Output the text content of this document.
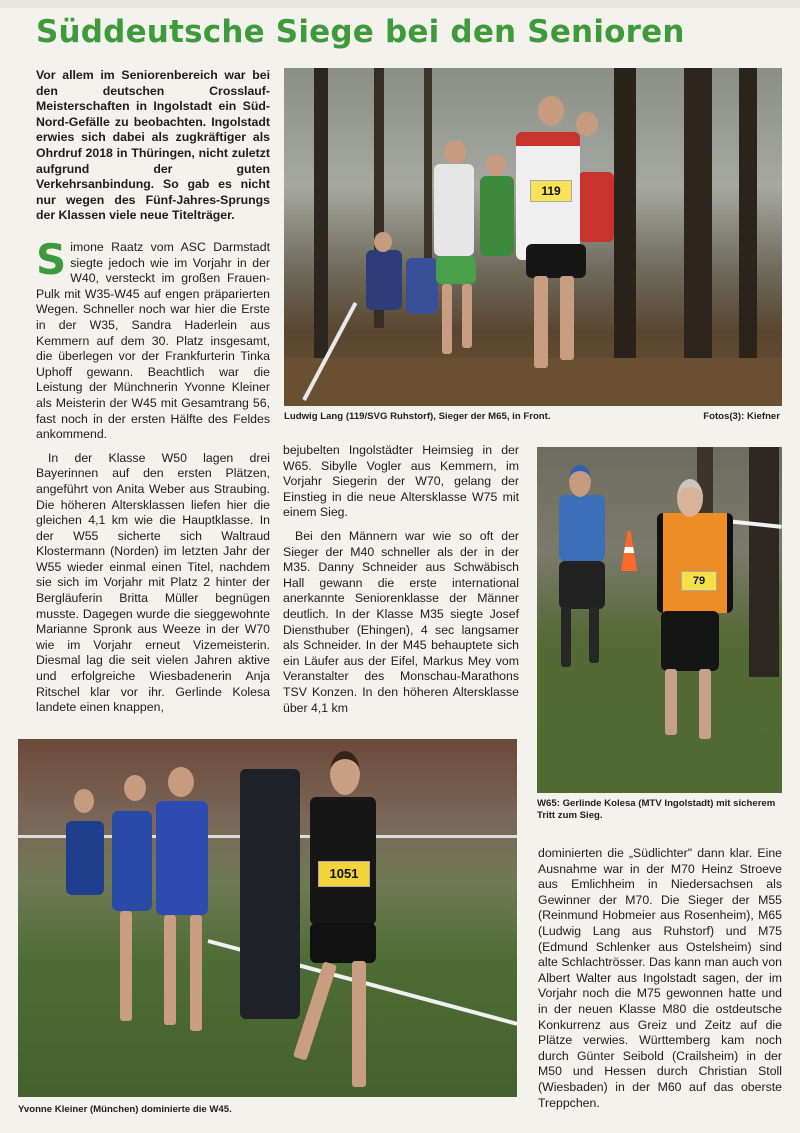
Süddeutsche Siege bei den Senioren

Vor allem im Seniorenbereich war bei den deutschen Crosslauf-Meisterschaften in Ingolstadt ein Süd-Nord-Gefälle zu beobachten. Ingolstadt erwies sich dabei als zugkräftiger als Ohrdruf 2018 in Thüringen, nicht zuletzt aufgrund der guten Verkehrsanbindung. So gab es nicht nur wegen des Fünf-Jahres-Sprungs der Klassen viele neue Titelträger.

Simone Raatz vom ASC Darmstadt siegte jedoch wie im Vorjahr in der W40, versteckt im großen Frauen-Pulk mit W35-W45 auf engen präparierten Wegen. Schneller noch war hier die Erste in der W35, Sandra Haderlein aus Kemmern auf dem 30. Platz insgesamt, die überlegen vor der Frankfurterin Tinka Uphoff gewann. Beachtlich war die Leistung der Münchnerin Yvonne Kleiner als Meisterin der W45 mit Gesamtrang 56, fast noch in der ersten Hälfte des Feldes ankommend.

In der Klasse W50 lagen drei Bayerinnen auf den ersten Plätzen, angeführt von Anita Weber aus Straubing. Die höheren Altersklassen liefen hier die gleichen 4,1 km wie die Hauptklasse. In der W55 sicherte sich Waltraud Klostermann (Norden) im letzten Jahr der W55 wieder einmal einen Titel, nachdem sie sich im Vorjahr mit Platz 2 hinter der Bergläuferin Britta Müller begnügen musste. Dagegen wurde die sieggewohnte Marianne Spronk aus Weeze in der W70 wie im Vorjahr erneut Vizemeisterin. Diesmal lag die seit vielen Jahren aktive und erfolgreiche Wiesbadenerin Anja Ritschel klar vor ihr. Gerlinde Kolesa landete einen knappen,

bejubelten Ingolstädter Heimsieg in der W65. Sibylle Vogler aus Kemmern, im Vorjahr Siegerin der W70, gelang der Einstieg in die neue Altersklasse W75 mit einem Sieg.

Bei den Männern war wie so oft der Sieger der M40 schneller als der in der M35. Danny Schneider aus Schwäbisch Hall gewann die erste international anerkannte Seniorenklasse der Männer deutlich. In der Klasse M35 siegte Josef Diensthuber (Ehingen), 4 sec langsamer als Schneider. In der M45 behauptete sich ein Läufer aus der Eifel, Markus Mey vom Veranstalter des Monschau-Marathons TSV Konzen. In den höheren Altersklasse über 4,1 km

dominierten die „Südlichter" dann klar. Eine Ausnahme war in der M70 Heinz Stroeve aus Emlichheim in Niedersachsen als Gewinner der M70. Die Sieger der M55 (Reinmund Hobmeier aus Rosenheim), M65 (Ludwig Lang aus Ruhstorf) und M75 (Edmund Schlenker aus Ostelsheim) sind alte Schlachtrösser. Das kann man auch von Albert Walter aus Ingolstadt sagen, der im Vorjahr noch die M75 gewonnen hatte und in der neuen Klasse M80 die ostdeutsche Konkurrenz aus Greiz und Zeitz auf die Plätze verwies. Württemberg kam noch durch Günter Seibold (Crailsheim) in der M50 und Hessen durch Christian Stoll (Wiesbaden) in der M60 auf das oberste Treppchen.

119
Ludwig Lang (119/SVG Ruhstorf), Sieger der M65, in Front.	Fotos(3): Kiefner
79
W65: Gerlinde Kolesa (MTV Ingolstadt) mit sicherem Tritt zum Sieg.
1051
Yvonne Kleiner (München) dominierte die W45.
